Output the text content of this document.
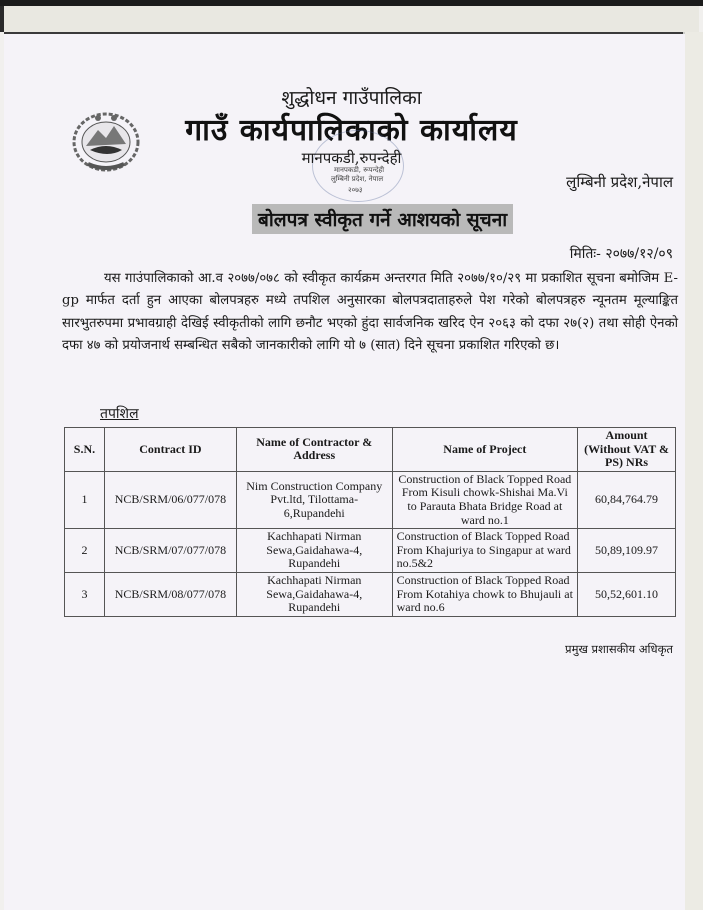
शुद्धोधन गाउँपालिका
गाउँ कार्यपालिकाको कार्यालय
मानपकडी,रुपन्देही
मानपकडी, रूपन्देही
लुम्बिनी प्रदेश, नेपाल
२०७३	लुम्बिनी प्रदेश,नेपाल
बोलपत्र स्वीकृत गर्ने आशयको सूचना
मितिः- २०७७/१२/०९
यस गाउंपालिकाको आ.व २०७७/०७८ को स्वीकृत कार्यक्रम अन्तरगत मिति २०७७/१०/२९ मा प्रकाशित सूचना बमोजिम E-gp मार्फत दर्ता हुन आएका बोलपत्रहरु मध्ये तपशिल अनुसारका बोलपत्रदाताहरुले पेश गरेको बोलपत्रहरु न्यूनतम मूल्याङ्कित सारभुतरुपमा प्रभावग्राही देखिई स्वीकृतीको लागि छनौट भएको हुंदा सार्वजनिक खरिद ऐन २०६३ को दफा २७(२) तथा सोही ऐनको दफा ४७ को प्रयोजनार्थ सम्बन्धित सबैको जानकारीको लागि यो ७ (सात) दिने सूचना प्रकाशित गरिएको छ।
तपशिल
S.N.	Contract ID	Name of Contractor & Address	Name of Project	Amount (Without VAT & PS) NRs
1	NCB/SRM/06/077/078	Nim Construction Company Pvt.ltd, Tilottama-6,Rupandehi	Construction of Black Topped Road From Kisuli chowk-Shishai Ma.Vi to Parauta Bhata Bridge Road at ward no.1	60,84,764.79
2	NCB/SRM/07/077/078	Kachhapati Nirman Sewa,Gaidahawa-4, Rupandehi	Construction of Black Topped Road From Khajuriya to Singapur at ward no.5&2	50,89,109.97
3	NCB/SRM/08/077/078	Kachhapati Nirman Sewa,Gaidahawa-4, Rupandehi	Construction of Black Topped Road From Kotahiya chowk to Bhujauli at ward no.6	50,52,601.10
प्रमुख प्रशासकीय अधिकृत
